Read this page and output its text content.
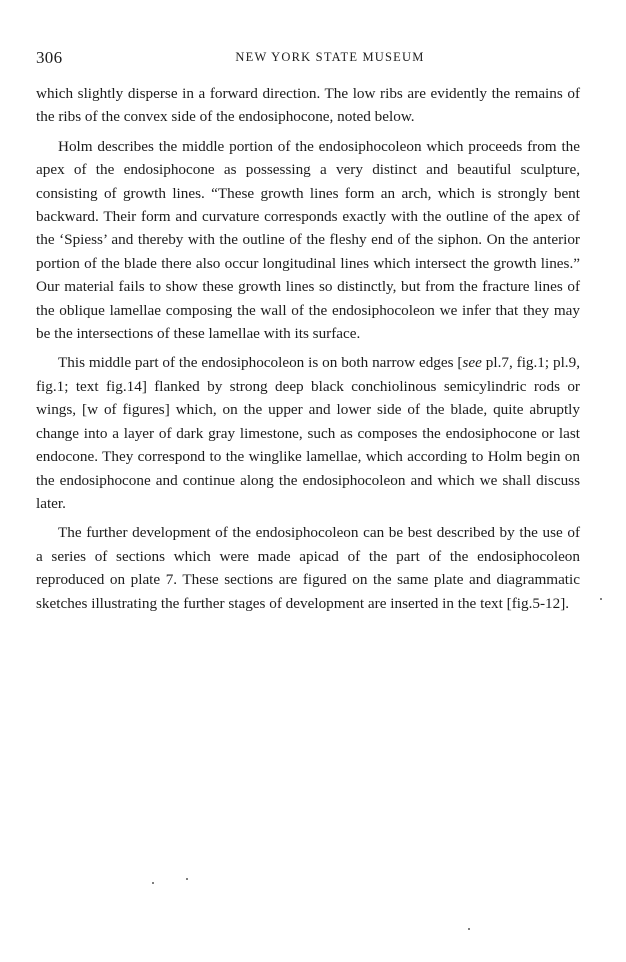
306	NEW YORK STATE MUSEUM

which slightly disperse in a forward direction. The low ribs are evidently the remains of the ribs of the convex side of the endosiphocone, noted below.

Holm describes the middle portion of the endosiphocoleon which proceeds from the apex of the endosiphocone as possessing a very distinct and beautiful sculpture, consisting of growth lines. “These growth lines form an arch, which is strongly bent backward. Their form and curvature corresponds exactly with the outline of the apex of the ‘Spiess’ and thereby with the outline of the fleshy end of the siphon. On the anterior portion of the blade there also occur longitudinal lines which intersect the growth lines.” Our material fails to show these growth lines so distinctly, but from the fracture lines of the oblique lamellae composing the wall of the endosiphocoleon we infer that they may be the intersections of these lamellae with its surface.

This middle part of the endosiphocoleon is on both narrow edges [see pl.7, fig.1; pl.9, fig.1; text fig.14] flanked by strong deep black conchiolinous semicylindric rods or wings, [w of figures] which, on the upper and lower side of the blade, quite abruptly change into a layer of dark gray limestone, such as composes the endosiphocone or last endocone. They correspond to the winglike lamellae, which according to Holm begin on the endosiphocone and continue along the endosiphocoleon and which we shall discuss later.

The further development of the endosiphocoleon can be best described by the use of a series of sections which were made apicad of the part of the endosiphocoleon reproduced on plate 7. These sections are figured on the same plate and diagrammatic sketches illustrating the further stages of development are inserted in the text [fig.5-12].
